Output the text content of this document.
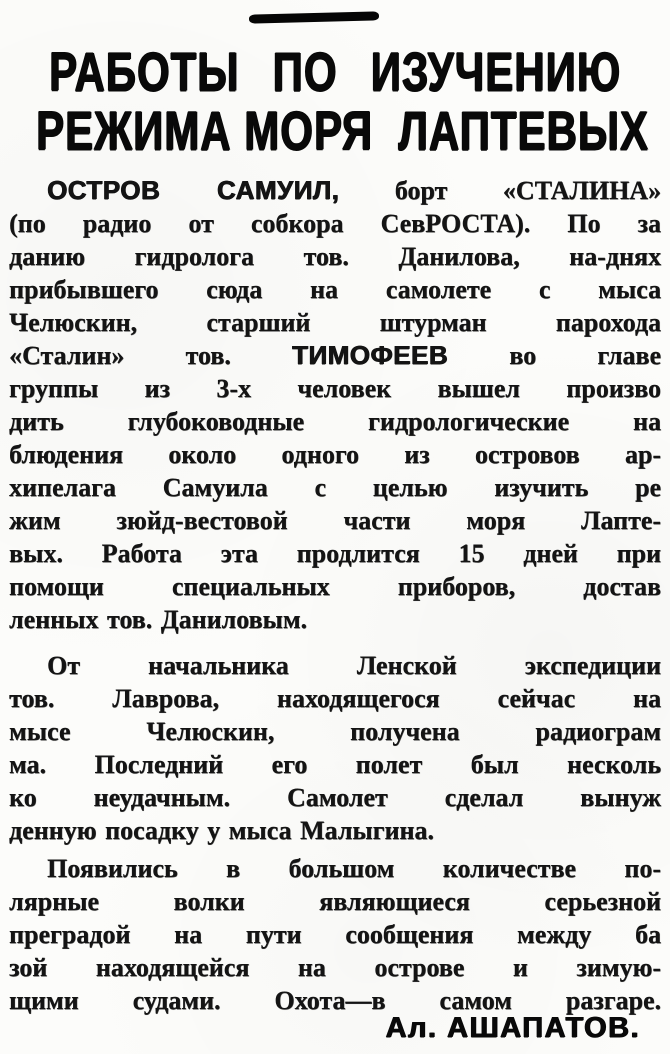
РАБОТЫ ПО ИЗУЧЕНИЮ
РЕЖИМА МОРЯ  ЛАПТЕВЫХ
ОСТРОВ САМУИЛ, борт «СТАЛИНА»
(по радио от собкора СевРОСТА). По за
данию гидролога тов. Данилова, на-днях
прибывшего сюда на самолете с мыса
Челюскин, старший штурман парохода
«Сталин» тов. ТИМОФЕЕВ во главе
группы из 3-х человек вышел произво
дить глубоководные гидрологические на
блюдения около одного из островов ар-
хипелага Самуила с целью изучить ре
жим зюйд-вестовой части моря Лапте-
вых. Работа эта продлится 15 дней при
помощи специальных приборов, достав
ленных тов. Даниловым.
От начальника Ленской экспедиции
тов. Лаврова, находящегося сейчас на
мысе Челюскин, получена радиограм
ма. Последний его полет был несколь
ко неудачным. Самолет сделал вынуж
денную посадку у мыса Малыгина.
Появились в большом количестве по-
лярные волки являющиеся серьезной
преградой на пути сообщения между ба
зой находящейся на острове и зимую-
щими судами. Охота—в самом разгаре.
Ал. АШАПАТОВ.
